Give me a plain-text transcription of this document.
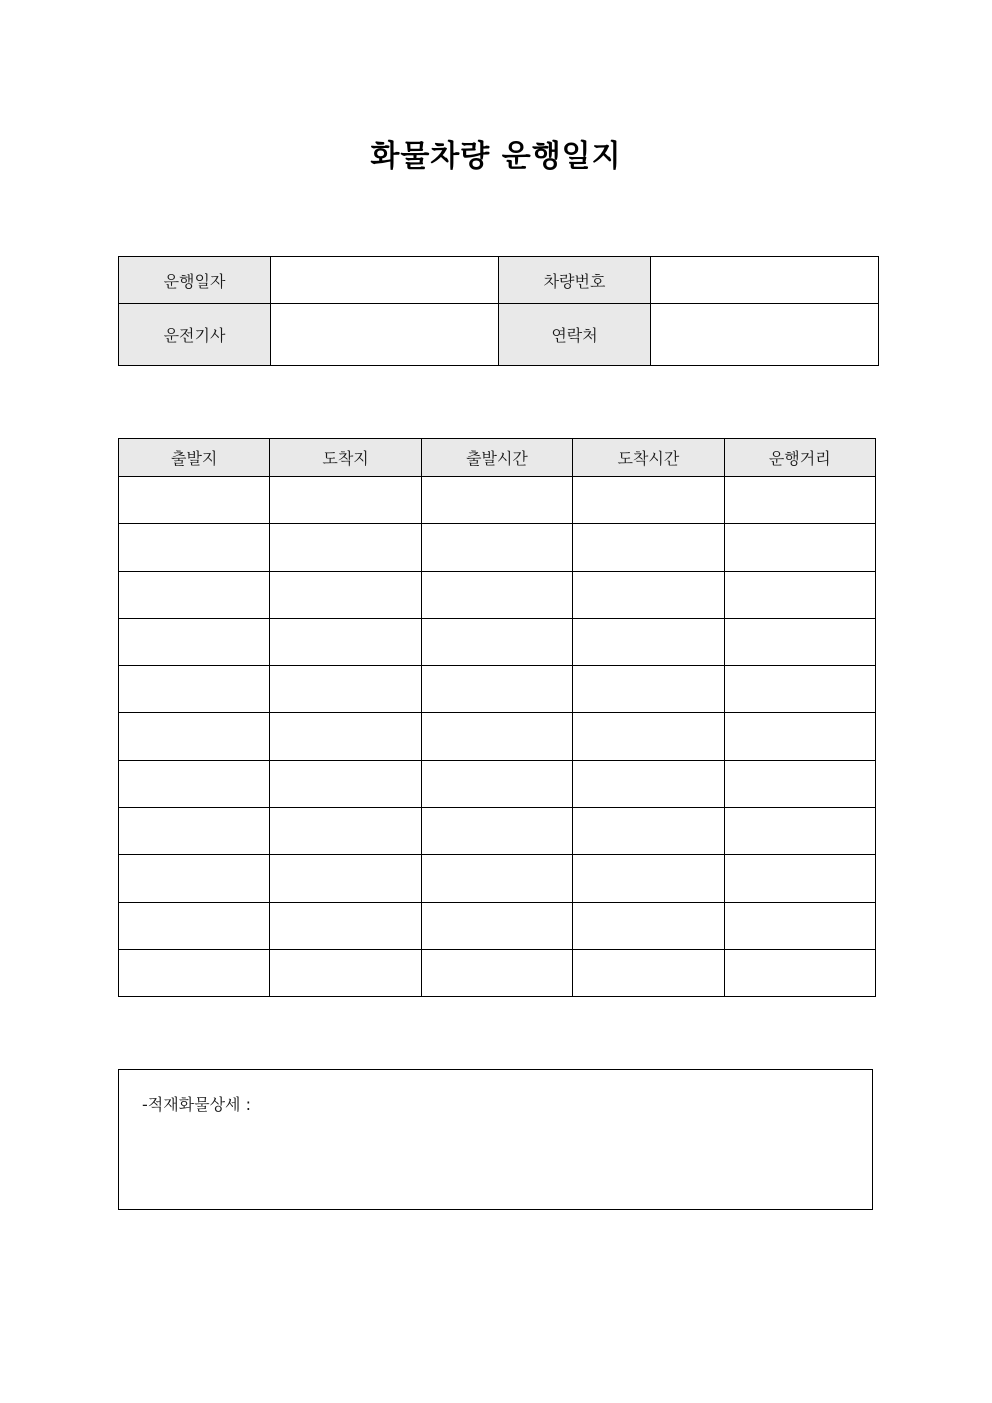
화물차량 운행일지
운행일자		차량번호	
운전기사		연락처	
출발지	도착지	출발시간	도착시간	운행거리

-적재화물상세 :
